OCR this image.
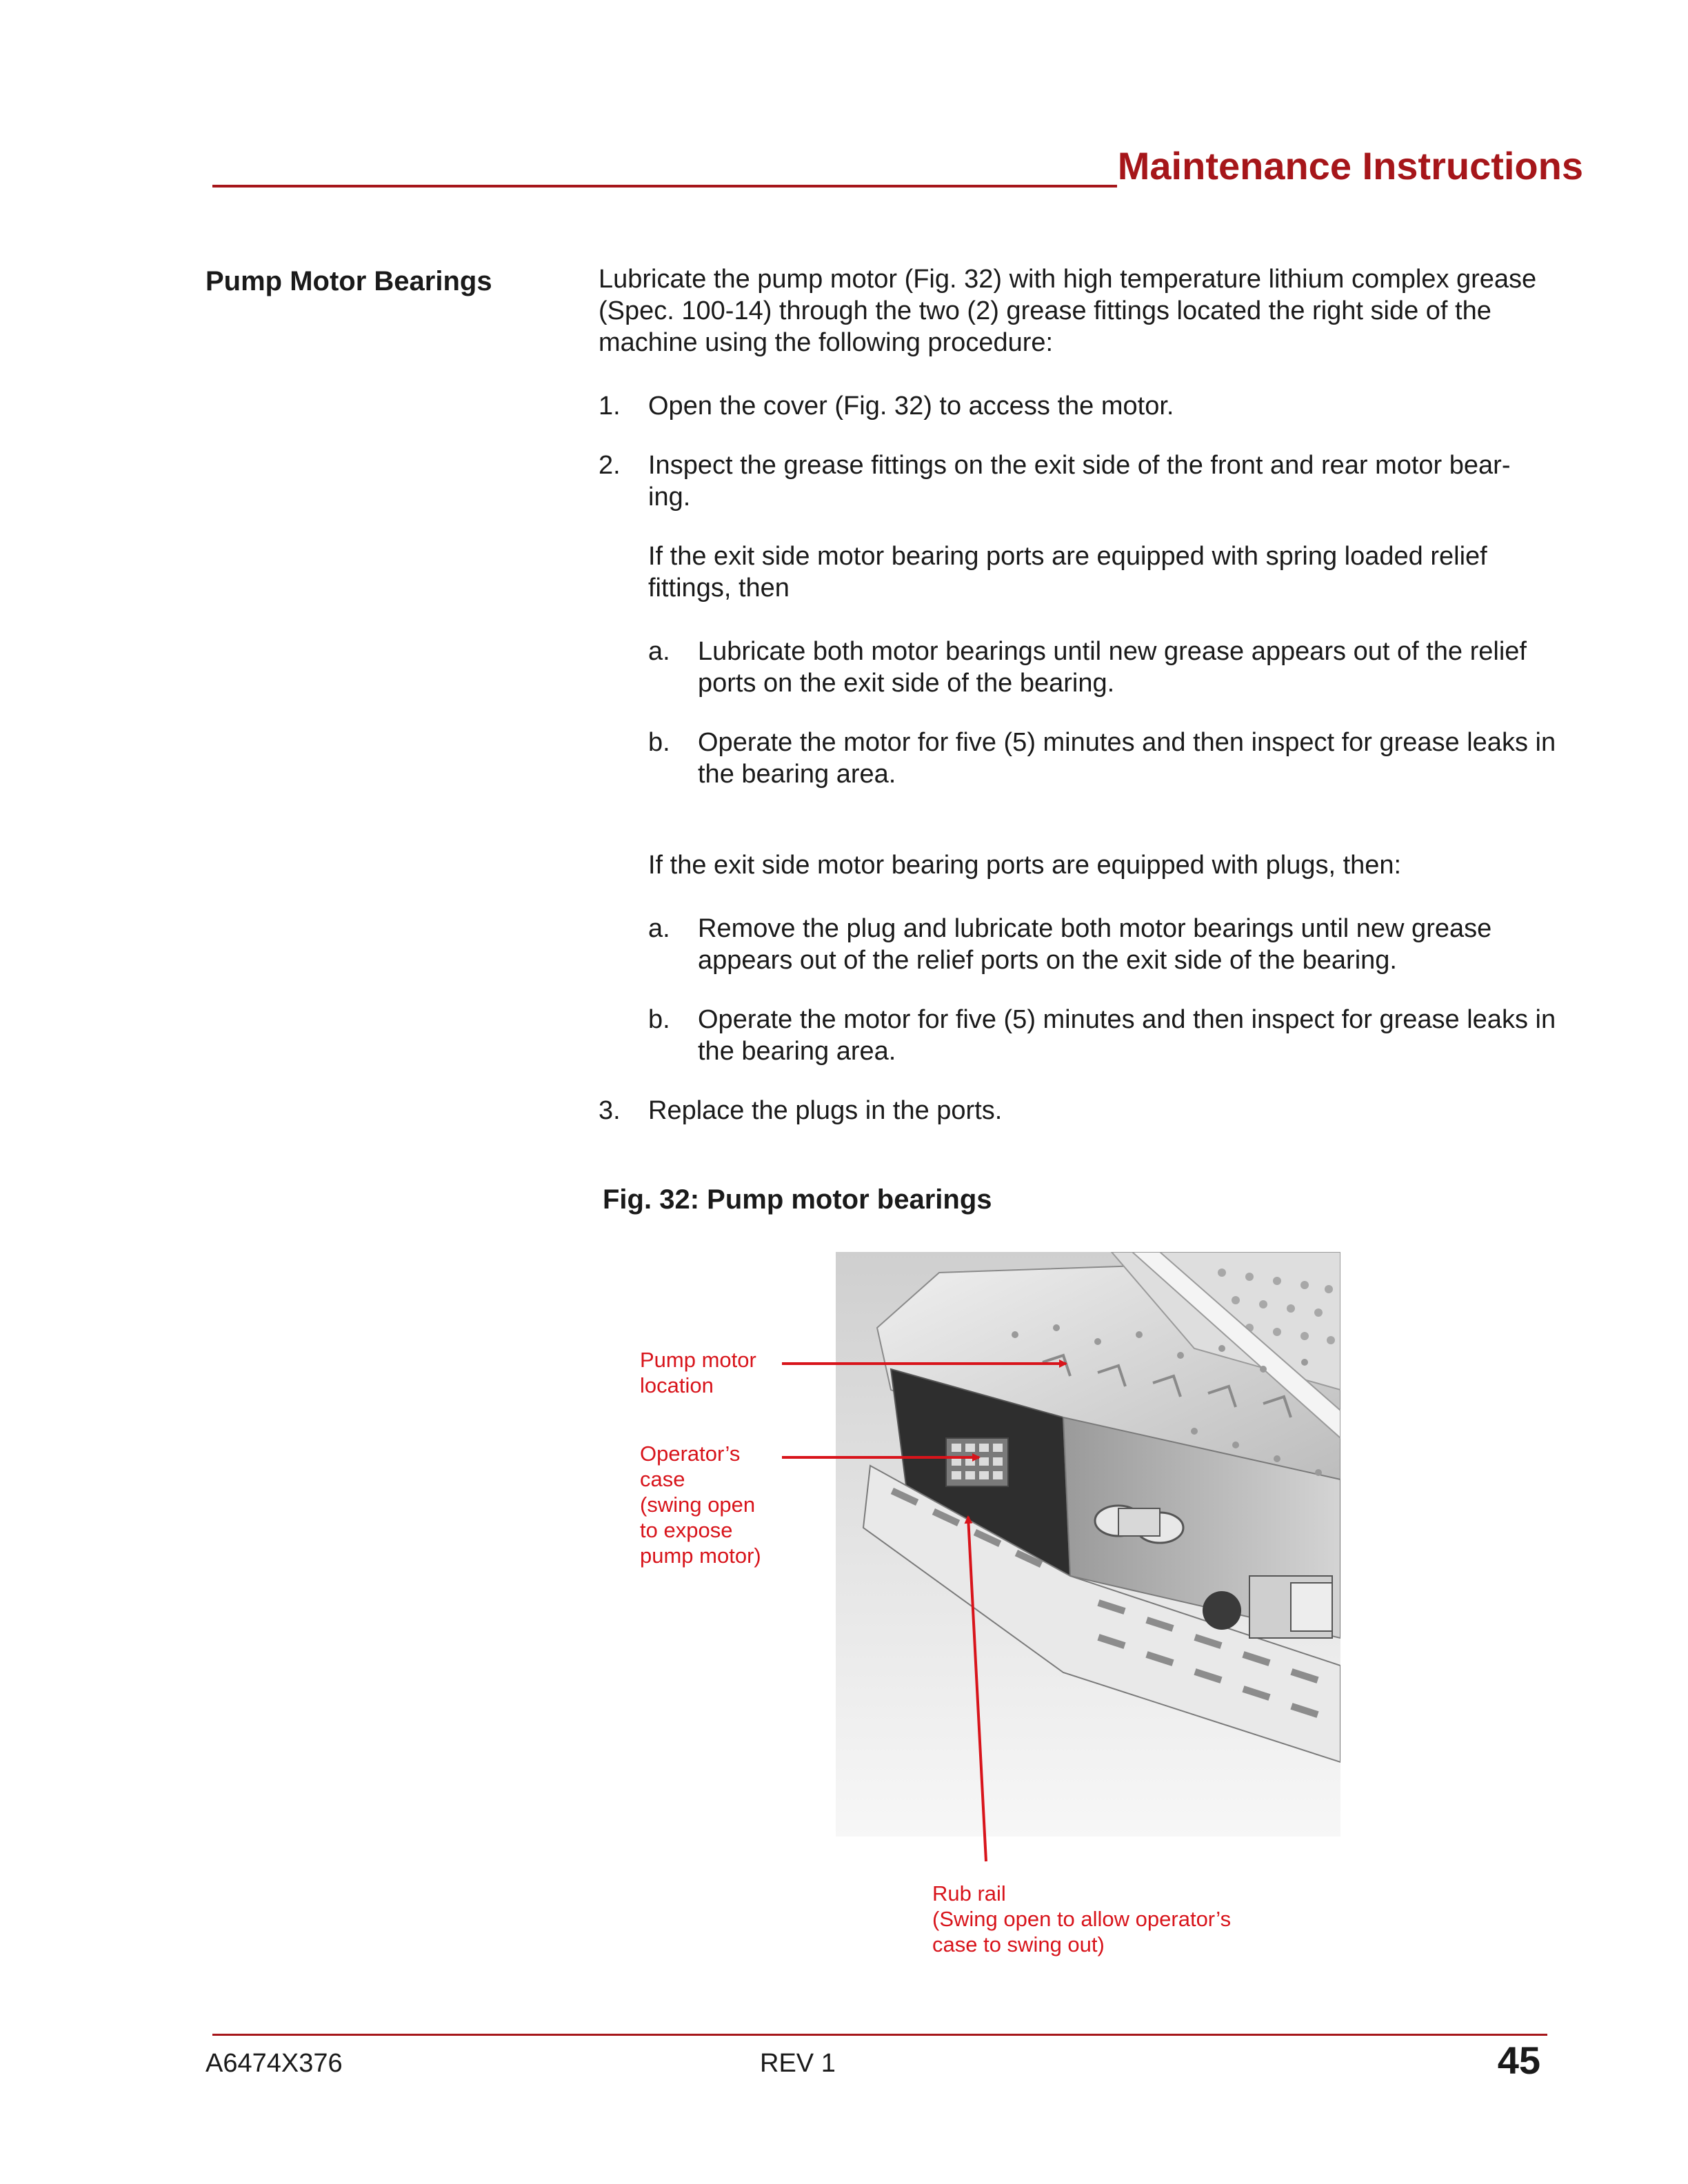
Maintenance Instructions
Pump Motor Bearings	Lubricate the pump motor (Fig. 32) with high temperature lithium complex grease (Spec. 100-14) through the two (2) grease fittings located the right side of the machine using the following procedure:
1. Open the cover (Fig. 32) to access the motor.
2. Inspect the grease fittings on the exit side of the front and rear motor bear-
ing.
If the exit side motor bearing ports are equipped with spring loaded relief fittings, then
a. Lubricate both motor bearings until new grease appears out of the relief ports on the exit side of the bearing.
b. Operate the motor for five (5) minutes and then inspect for grease leaks in the bearing area.
If the exit side motor bearing ports are equipped with plugs, then:
a. Remove the plug and lubricate both motor bearings until new grease appears out of the relief ports on the exit side of the bearing.
b. Operate the motor for five (5) minutes and then inspect for grease leaks in the bearing area.
3. Replace the plugs in the ports.
Fig. 32: Pump motor bearings
Pump motor
location
Operator’s
case
(swing open
to expose
pump motor)
Rub rail
(Swing open to allow operator’s
case to swing out)
A6474X376	REV 1	45
